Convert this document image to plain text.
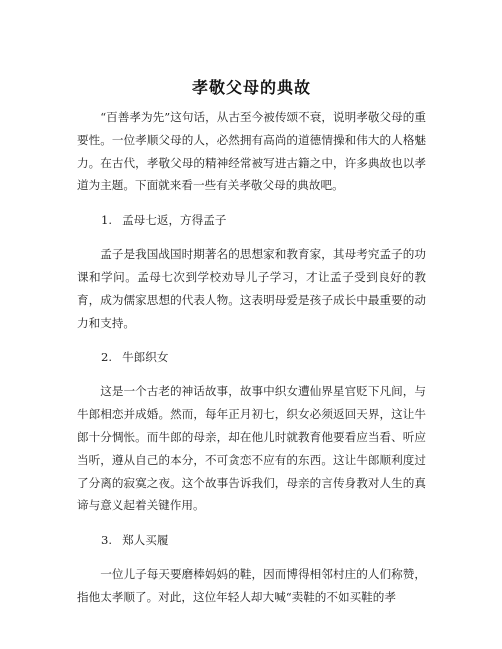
孝敬父母的典故

“百善孝为先”这句话，从古至今被传颂不衰，说明孝敬父母的重要性。一位孝顺父母的人，必然拥有高尚的道德情操和伟大的人格魅力。在古代，孝敬父母的精神经常被写进古籍之中，许多典故也以孝道为主题。下面就来看一些有关孝敬父母的典故吧。

1. 孟母七返，方得孟子

孟子是我国战国时期著名的思想家和教育家，其母考究孟子的功课和学问。孟母七次到学校劝导儿子学习，才让孟子受到良好的教育，成为儒家思想的代表人物。这表明母爱是孩子成长中最重要的动力和支持。

2. 牛郎织女

这是一个古老的神话故事，故事中织女遭仙界星官贬下凡间，与牛郎相恋并成婚。然而，每年正月初七，织女必须返回天界，这让牛郎十分惆怅。而牛郎的母亲，却在他儿时就教育他要看应当看、听应当听，遵从自己的本分，不可贪恋不应有的东西。这让牛郎顺利度过了分离的寂寞之夜。这个故事告诉我们，母亲的言传身教对人生的真谛与意义起着关键作用。

3. 郑人买履

一位儿子每天要磨棒妈妈的鞋，因而博得相邻村庄的人们称赞，指他太孝顺了。对此，这位年轻人却大喊“卖鞋的不如买鞋的孝
